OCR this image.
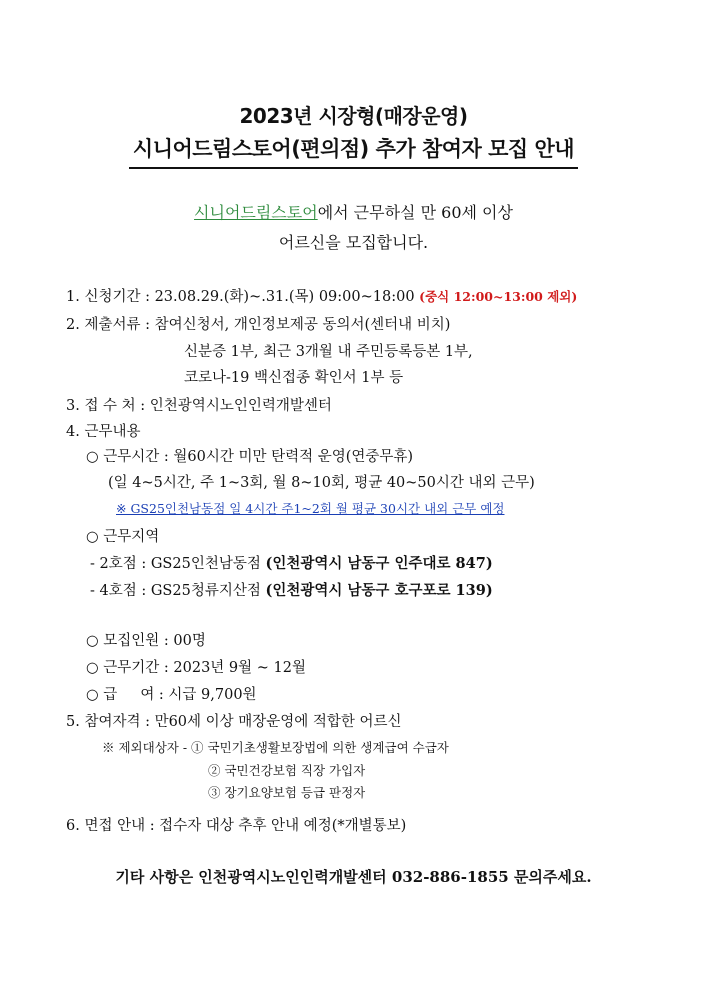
2023년 시장형(매장운영)
시니어드림스토어(편의점) 추가 참여자 모집 안내
시니어드림스토어에서 근무하실 만 60세 이상
어르신을 모집합니다.
1. 신청기간 : 23.08.29.(화)~.31.(목) 09:00~18:00 (중식 12:00~13:00 제외)
2. 제출서류 : 참여신청서, 개인정보제공 동의서(센터내 비치)
신분증 1부, 최근 3개월 내 주민등록등본 1부,
코로나-19 백신접종 확인서 1부 등
3. 접 수 처 : 인천광역시노인인력개발센터
4. 근무내용
○ 근무시간 : 월60시간 미만 탄력적 운영(연중무휴)
(일 4~5시간, 주 1~3회, 월 8~10회, 평균 40~50시간 내외 근무)
※ GS25인천남동점 일 4시간 주1~2회 월 평균 30시간 내외 근무 예정
○ 근무지역
- 2호점 : GS25인천남동점 (인천광역시 남동구 인주대로 847)
- 4호점 : GS25청류지산점 (인천광역시 남동구 호구포로 139)
○ 모집인원 : 00명
○ 근무기간 : 2023년 9월 ~ 12월
○ 급     여 : 시급 9,700원
5. 참여자격 : 만60세 이상 매장운영에 적합한 어르신
※ 제외대상자 - ① 국민기초생활보장법에 의한 생계급여 수급자
② 국민건강보험 직장 가입자
③ 장기요양보험 등급 판정자
6. 면접 안내 : 접수자 대상 추후 안내 예정(*개별통보)
기타 사항은 인천광역시노인인력개발센터 032-886-1855 문의주세요.
